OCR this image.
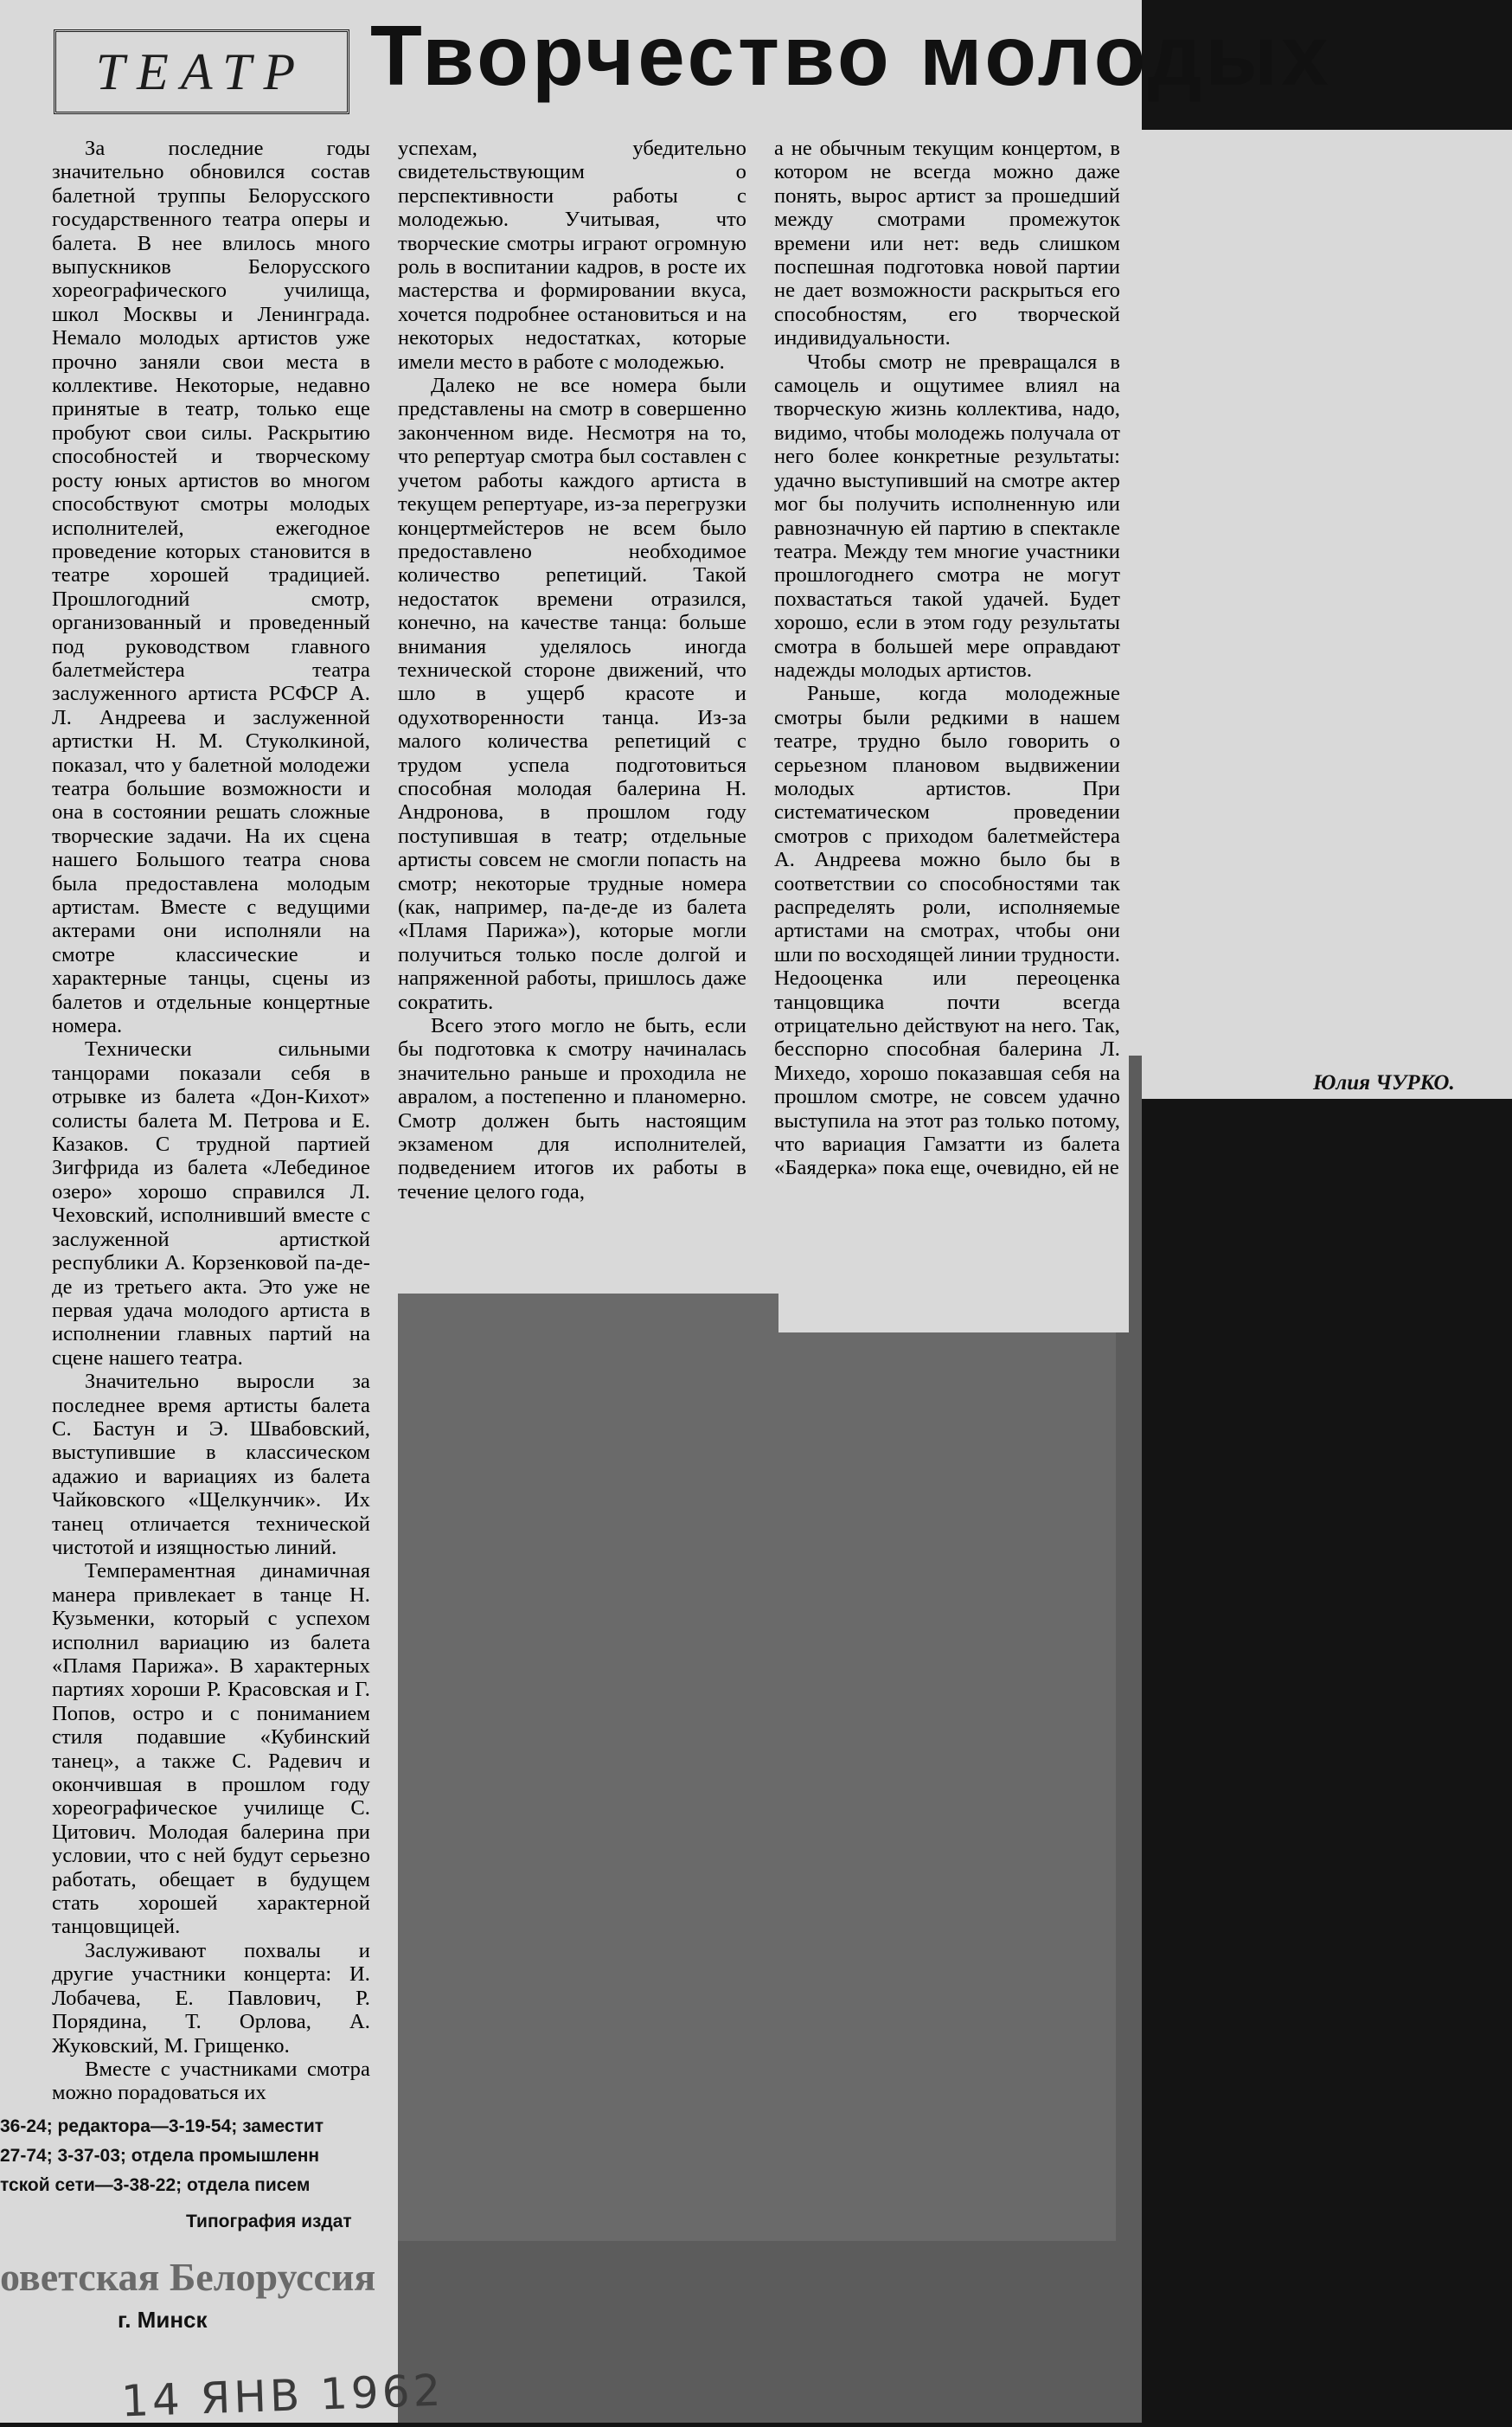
ТЕАТР Творчество молодых

За последние годы значительно обновился состав балетной труппы Белорусского государственного театра оперы и балета. В нее влилось много выпускников Белорусского хореографического училища, школ Москвы и Ленинграда. Немало молодых артистов уже прочно заняли свои места в коллективе. Некоторые, недавно принятые в театр, только еще пробуют свои силы. Раскрытию способностей и творческому росту юных артистов во многом способствуют смотры молодых исполнителей, ежегодное проведение которых становится в театре хорошей традицией. Прошлогодний смотр, организованный и проведенный под руководством главного балетмейстера театра заслуженного артиста РСФСР А. Л. Андреева и заслуженной артистки Н. М. Стуколкиной, показал, что у балетной молодежи театра большие возможности и она в состоянии решать сложные творческие задачи. На их сцена нашего Большого театра снова была предоставлена молодым артистам. Вместе с ведущими актерами они исполняли на смотре классические и характерные танцы, сцены из балетов и отдельные концертные номера.

Технически сильными танцорами показали себя в отрывке из балета «Дон-Кихот» солисты балета М. Петрова и Е. Казаков. С трудной партией Зигфрида из балета «Лебединое озеро» хорошо справился Л. Чеховский, исполнивший вместе с заслуженной артисткой республики А. Корзенковой па-де-де из третьего акта. Это уже не первая удача молодого артиста в исполнении главных партий на сцене нашего театра.

Значительно выросли за последнее время артисты балета С. Бастун и Э. Швабовский, выступившие в классическом адажио и вариациях из балета Чайковского «Щелкунчик». Их танец отличается технической чистотой и изящностью линий.

Темпераментная динамичная манера привлекает в танце Н. Кузьменки, который с успехом исполнил вариацию из балета «Пламя Парижа». В характерных партиях хороши Р. Красовская и Г. Попов, остро и с пониманием стиля подавшие «Кубинский танец», а также С. Радевич и окончившая в прошлом году хореографическое училище С. Цитович. Молодая балерина при условии, что с ней будут серьезно работать, обещает в будущем стать хорошей характерной танцовщицей.

Заслуживают похвалы и другие участники концерта: И. Лобачева, Е. Павлович, Р. Порядина, Т. Орлова, А. Жуковский, М. Грищенко.

Вместе с участниками смотра можно порадоваться их

успехам, убедительно свидетельствующим о перспективности работы с молодежью. Учитывая, что творческие смотры играют огромную роль в воспитании кадров, в росте их мастерства и формировании вкуса, хочется подробнее остановиться и на некоторых недостатках, которые имели место в работе с молодежью.

Далеко не все номера были представлены на смотр в совершенно законченном виде. Несмотря на то, что репертуар смотра был составлен с учетом работы каждого артиста в текущем репертуаре, из-за перегрузки концертмейстеров не всем было предоставлено необходимое количество репетиций. Такой недостаток времени отразился, конечно, на качестве танца: больше внимания уделялось иногда технической стороне движений, что шло в ущерб красоте и одухотворенности танца. Из-за малого количества репетиций с трудом успела подготовиться способная молодая балерина Н. Андронова, в прошлом году поступившая в театр; отдельные артисты совсем не смогли попасть на смотр; некоторые трудные номера (как, например, па-де-де из балета «Пламя Парижа»), которые могли получиться только после долгой и напряженной работы, пришлось даже сократить.

Всего этого могло не быть, если бы подготовка к смотру начиналась значительно раньше и проходила не авралом, а постепенно и планомерно. Смотр должен быть настоящим экзаменом для исполнителей, подведением итогов их работы в течение целого года,

а не обычным текущим концертом, в котором не всегда можно даже понять, вырос артист за прошедший между смотрами промежуток времени или нет: ведь слишком поспешная подготовка новой партии не дает возможности раскрыться его способностям, его творческой индивидуальности.

Чтобы смотр не превращался в самоцель и ощутимее влиял на творческую жизнь коллектива, надо, видимо, чтобы молодежь получала от него более конкретные результаты: удачно выступивший на смотре актер мог бы получить исполненную или равнозначную ей партию в спектакле театра. Между тем многие участники прошлогоднего смотра не могут похвастаться такой удачей. Будет хорошо, если в этом году результаты смотра в большей мере оправдают надежды молодых артистов.

Раньше, когда молодежные смотры были редкими в нашем театре, трудно было говорить о серьезном плановом выдвижении молодых артистов. При систематическом проведении смотров с приходом балетмейстера А. Андреева можно было бы в соответствии со способностями так распределять роли, исполняемые артистами на смотрах, чтобы они шли по восходящей линии трудности. Недооценка или переоценка танцовщика почти всегда отрицательно действуют на него. Так, бесспорно способная балерина Л. Михедо, хорошо показавшая себя на прошлом смотре, не совсем удачно выступила на этот раз только потому, что вариация Гамзатти из балета «Баядерка» пока еще, очевидно, ей не

Юлия ЧУРКО.
36-24; редактора—3-19-54; заместит
27-74; 3-37-03; отдела промышленн
тской сети—3-38-22; отдела писем
Типография издат
оветская Белоруссия
г. Минск
14 ЯНВ 1962
